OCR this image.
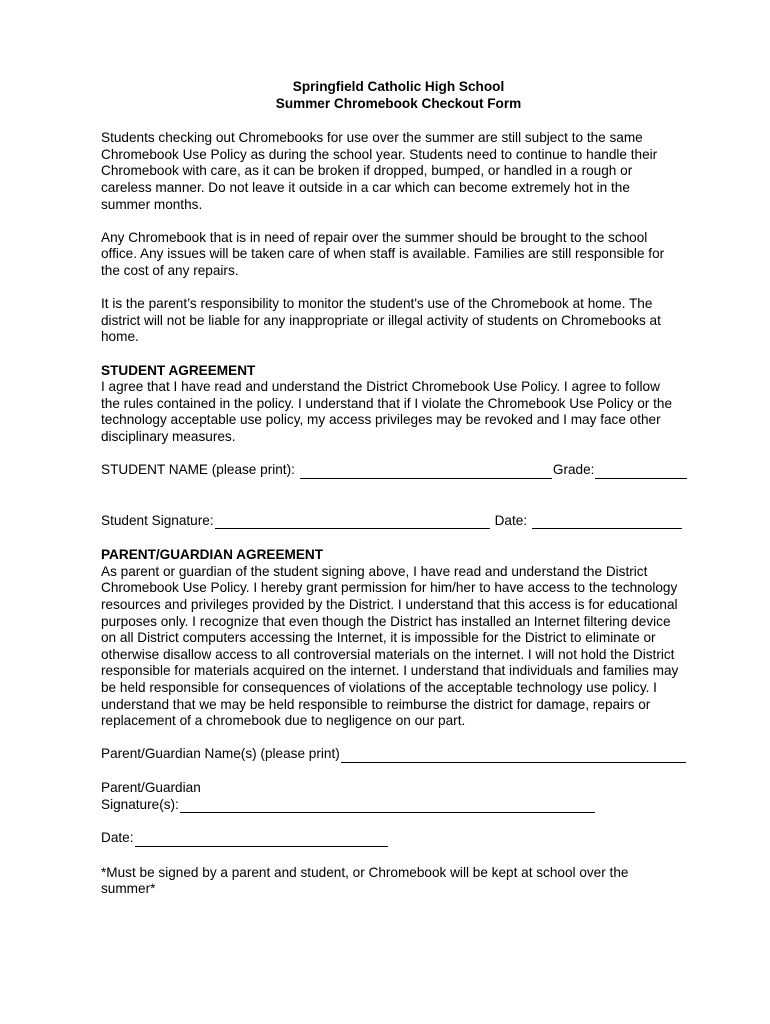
Springfield Catholic High School
Summer Chromebook Checkout Form

Students checking out Chromebooks for use over the summer are still subject to the same
Chromebook Use Policy as during the school year. Students need to continue to handle their
Chromebook with care, as it can be broken if dropped, bumped, or handled in a rough or
careless manner. Do not leave it outside in a car which can become extremely hot in the
summer months.

Any Chromebook that is in need of repair over the summer should be brought to the school
office. Any issues will be taken care of when staff is available. Families are still responsible for
the cost of any repairs.

It is the parent’s responsibility to monitor the student's use of the Chromebook at home. The
district will not be liable for any inappropriate or illegal activity of students on Chromebooks at
home.

STUDENT AGREEMENT
I agree that I have read and understand the District Chromebook Use Policy. I agree to follow
the rules contained in the policy. I understand that if I violate the Chromebook Use Policy or the
technology acceptable use policy, my access privileges may be revoked and I may face other
disciplinary measures.
STUDENT NAME (please print):	Grade:
Student Signature:	Date:
PARENT/GUARDIAN AGREEMENT
As parent or guardian of the student signing above, I have read and understand the District
Chromebook Use Policy. I hereby grant permission for him/her to have access to the technology
resources and privileges provided by the District. I understand that this access is for educational
purposes only. I recognize that even though the District has installed an Internet filtering device
on all District computers accessing the Internet, it is impossible for the District to eliminate or
otherwise disallow access to all controversial materials on the internet. I will not hold the District
responsible for materials acquired on the internet. I understand that individuals and families may
be held responsible for consequences of violations of the acceptable technology use policy. I
understand that we may be held responsible to reimburse the district for damage, repairs or
replacement of a chromebook due to negligence on our part.
Parent/Guardian Name(s) (please print)
Parent/Guardian
Signature(s):
Date:

*Must be signed by a parent and student, or Chromebook will be kept at school over the
summer*
